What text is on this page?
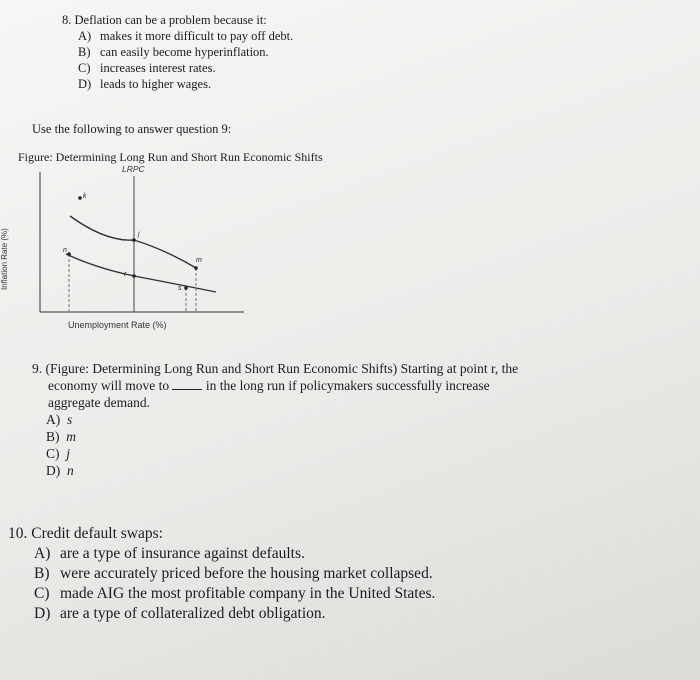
8. Deflation can be a problem because it:
A) makes it more difficult to pay off debt.
B) can easily become hyperinflation.
C) increases interest rates.
D) leads to higher wages.
Use the following to answer question 9:
Figure: Determining Long Run and Short Run Economic Shifts
LRPC
Inflation Rate (%)
Unemployment Rate (%)
k
j
n
m
r
s
9. (Figure: Determining Long Run and Short Run Economic Shifts) Starting at point r, the
economy will move to	in the long run if policymakers successfully increase
aggregate demand.
A) s
B) m
C) j
D) n
10. Credit default swaps:
A) are a type of insurance against defaults.
B) were accurately priced before the housing market collapsed.
C) made AIG the most profitable company in the United States.
D) are a type of collateralized debt obligation.
